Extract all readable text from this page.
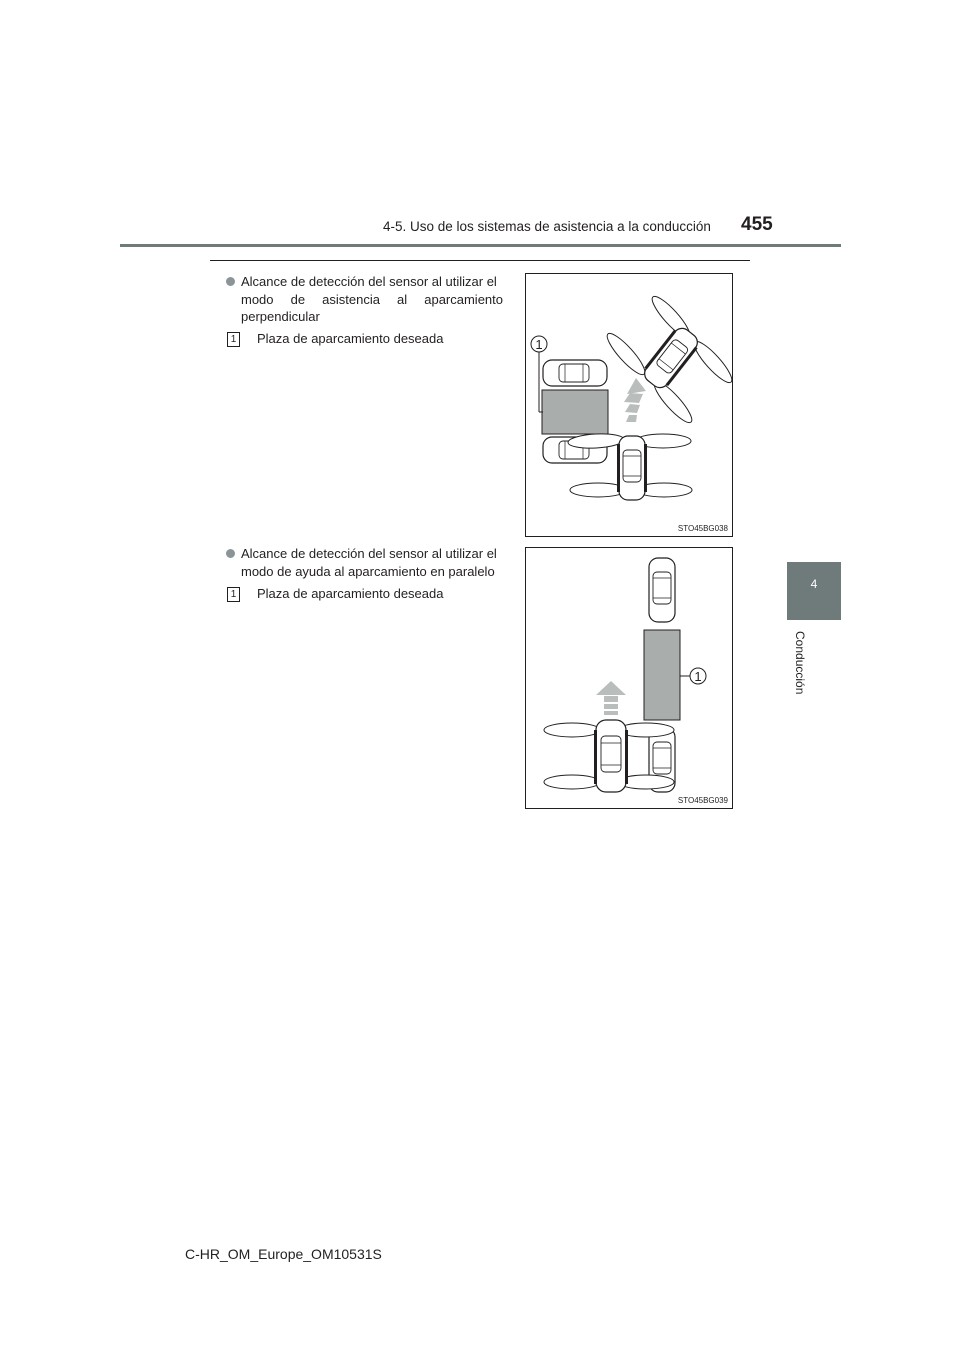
4-5. Uso de los sistemas de asistencia a la conducción 455
4
Conducción
Alcance de detección del sensor al utilizar el
modo de asistencia al aparcamiento perpendicular
1 Plaza de aparcamiento deseada	1
STO45BG038
Alcance de detección del sensor al utilizar el
modo de ayuda al aparcamiento en paralelo
1 Plaza de aparcamiento deseada
1
STO45BG039
C-HR_OM_Europe_OM10531S
